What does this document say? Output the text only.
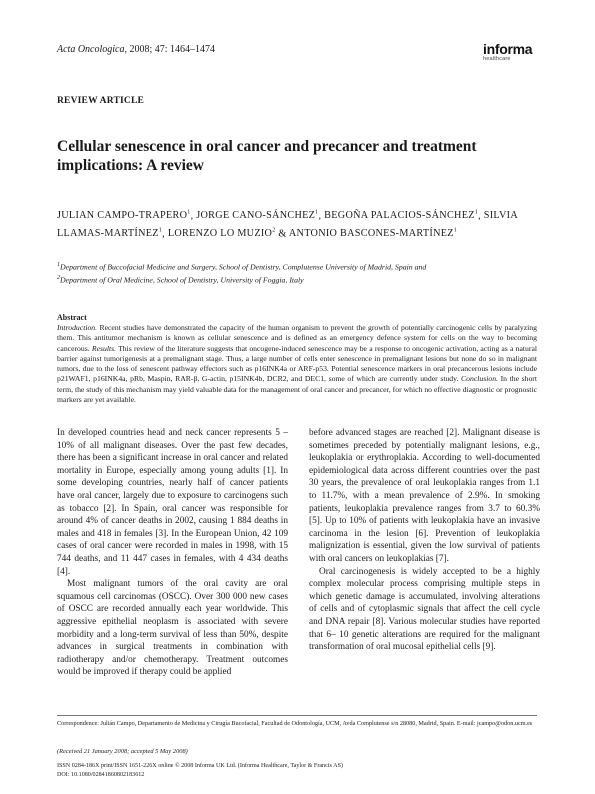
Acta Oncologica, 2008; 47: 1464–1474	informa
healthcare
REVIEW ARTICLE
Cellular senescence in oral cancer and precancer and treatment implications: A review
JULIAN CAMPO-TRAPERO$^1$, JORGE CANO-SÁNCHEZ$^1$, BEGOÑA PALACIOS-SÁNCHEZ$^1$, SILVIA LLAMAS-MARTÍNEZ$^1$, LORENZO LO MUZIO$^2$ & ANTONIO BASCONES-MARTÍNEZ$^1$
$^1$Department of Buccofacial Medicine and Surgery, School of Dentistry, Complutense University of Madrid, Spain and
$^2$Department of Oral Medicine, School of Dentistry, University of Foggia, Italy
Abstract
Introduction. Recent studies have demonstrated the capacity of the human organism to prevent the growth of potentially carcinogenic cells by paralyzing them. This antitumor mechanism is known as cellular senescence and is defined as an emergency defence system for cells on the way to becoming cancerous. Results. This review of the literature suggests that oncogene-induced senescence may be a response to oncogenic activation, acting as a natural barrier against tumorigenesis at a premalignant stage. Thus, a large number of cells enter senescence in premalignant lesions but none do so in malignant tumors, due to the loss of senescent pathway effectors such as p16INK4a or ARF-p53. Potential senescence markers in oral precancerous lesions include p21WAF1, p16INK4a, pRb, Maspin, RAR-β, G-actin, p15INK4b, DCR2, and DEC1, some of which are currently under study. Conclusion. In the short term, the study of this mechanism may yield valuable data for the management of oral cancer and precancer, for which no effective diagnostic or prognostic markers are yet available.

In developed countries head and neck cancer represents 5 – 10% of all malignant diseases. Over the past few decades, there has been a significant increase in oral cancer and related mortality in Europe, especially among young adults [1]. In some developing countries, nearly half of cancer patients have oral cancer, largely due to exposure to carcinogens such as tobacco [2]. In Spain, oral cancer was responsible for around 4% of cancer deaths in 2002, causing 1 884 deaths in males and 418 in females [3]. In the European Union, 42 109 cases of oral cancer were recorded in males in 1998, with 15 744 deaths, and 11 447 cases in females, with 4 434 deaths [4].

Most malignant tumors of the oral cavity are oral squamous cell carcinomas (OSCC). Over 300 000 new cases of OSCC are recorded annually each year worldwide. This aggressive epithelial neoplasm is associated with severe morbidity and a long-term survival of less than 50%, despite advances in surgical treatments in combination with radiotherapy and/or chemotherapy. Treatment outcomes would be improved if therapy could be applied

before advanced stages are reached [2]. Malignant disease is sometimes preceded by potentially malignant lesions, e.g., leukoplakia or erythroplakia. According to well-documented epidemiological data across different countries over the past 30 years, the prevalence of oral leukoplakia ranges from 1.1 to 11.7%, with a mean prevalence of 2.9%. In smoking patients, leukoplakia prevalence ranges from 3.7 to 60.3% [5]. Up to 10% of patients with leukoplakia have an invasive carcinoma in the lesion [6]. Prevention of leukoplakia malignization is essential, given the low survival of patients with oral cancers on leukoplakias [7].

Oral carcinogenesis is widely accepted to be a highly complex molecular process comprising multiple steps in which genetic damage is accumulated, involving alterations of cells and of cytoplasmic signals that affect the cell cycle and DNA repair [8]. Various molecular studies have reported that 6– 10 genetic alterations are required for the malignant transformation of oral mucosal epithelial cells [9].

Correspondence: Julián Campo, Departamento de Medicina y Cirugía Bucofacial, Facultad de Odontología, UCM, Avda Complutense s/n 28080, Madrid, Spain. E-mail: jcampo@odon.ucm.es
(Received 21 January 2008; accepted 5 May 2008)
ISSN 0284-186X print/ISSN 1651-226X online © 2008 Informa UK Ltd. (Informa Healthcare, Taylor & Francis AS)
DOI: 10.1080/02841860802183612
